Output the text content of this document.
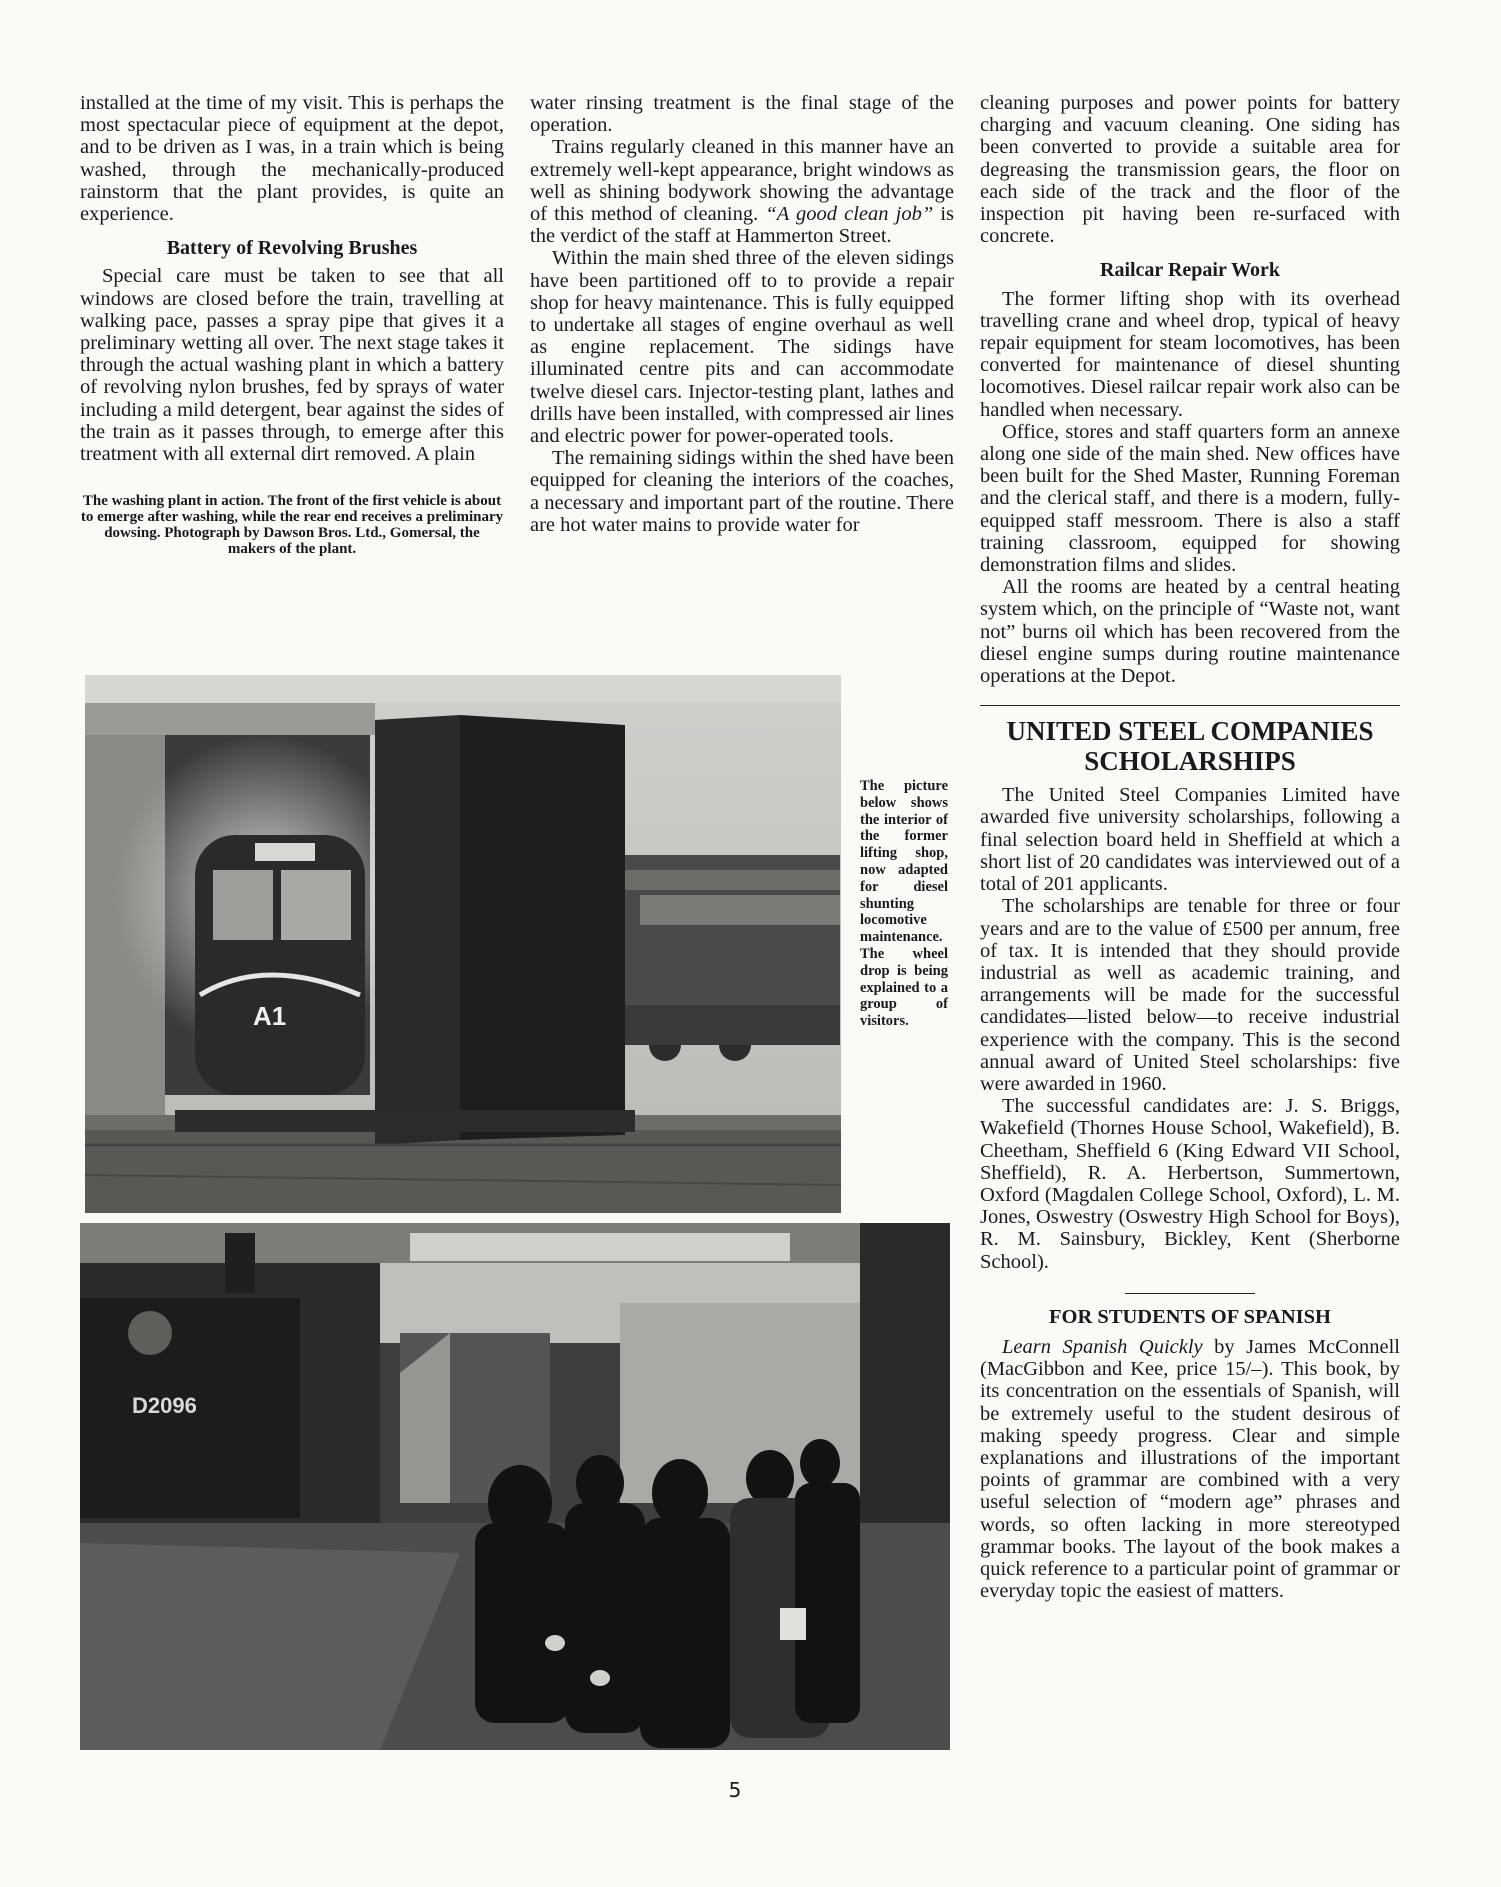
installed at the time of my visit. This is perhaps the most spectacular piece of equipment at the depot, and to be driven as I was, in a train which is being washed, through the mechanically-produced rainstorm that the plant provides, is quite an experience.

Battery of Revolving Brushes

Special care must be taken to see that all windows are closed before the train, travelling at walking pace, passes a spray pipe that gives it a preliminary wetting all over. The next stage takes it through the actual washing plant in which a battery of revolving nylon brushes, fed by sprays of water including a mild detergent, bear against the sides of the train as it passes through, to emerge after this treatment with all external dirt removed. A plain

The washing plant in action. The front of the first vehicle is about to emerge after washing, while the rear end receives a preliminary dowsing. Photograph by Dawson Bros. Ltd., Gomersal, the makers of the plant.

water rinsing treatment is the final stage of the operation.

Trains regularly cleaned in this manner have an extremely well-kept appearance, bright windows as well as shining bodywork showing the advantage of this method of cleaning. “A good clean job” is the verdict of the staff at Hammerton Street.

Within the main shed three of the eleven sidings have been partitioned off to to provide a repair shop for heavy maintenance. This is fully equipped to undertake all stages of engine overhaul as well as engine replacement. The sidings have illuminated centre pits and can accommodate twelve diesel cars. Injector-testing plant, lathes and drills have been installed, with compressed air lines and electric power for power-operated tools.

The remaining sidings within the shed have been equipped for cleaning the interiors of the coaches, a necessary and important part of the routine. There are hot water mains to provide water for

cleaning purposes and power points for battery charging and vacuum cleaning. One siding has been converted to provide a suitable area for degreasing the transmission gears, the floor on each side of the track and the floor of the inspection pit having been re-surfaced with concrete.

Railcar Repair Work

The former lifting shop with its overhead travelling crane and wheel drop, typical of heavy repair equipment for steam locomotives, has been converted for maintenance of diesel shunting locomotives. Diesel railcar repair work also can be handled when necessary.

Office, stores and staff quarters form an annexe along one side of the main shed. New offices have been built for the Shed Master, Running Foreman and the clerical staff, and there is a modern, fully-equipped staff messroom. There is also a staff training classroom, equipped for showing demonstration films and slides.

All the rooms are heated by a central heating system which, on the principle of “Waste not, want not” burns oil which has been recovered from the diesel engine sumps during routine maintenance operations at the Depot.

UNITED STEEL COMPANIES SCHOLARSHIPS

The United Steel Companies Limited have awarded five university scholarships, following a final selection board held in Sheffield at which a short list of 20 candidates was interviewed out of a total of 201 applicants.

The scholarships are tenable for three or four years and are to the value of £500 per annum, free of tax. It is intended that they should provide industrial as well as academic training, and arrangements will be made for the successful candidates—listed below—to receive industrial experience with the company. This is the second annual award of United Steel scholarships: five were awarded in 1960.

The successful candidates are: J. S. Briggs, Wakefield (Thornes House School, Wakefield), B. Cheetham, Sheffield 6 (King Edward VII School, Sheffield), R. A. Herbertson, Summertown, Oxford (Magdalen College School, Oxford), L. M. Jones, Oswestry (Oswestry High School for Boys), R. M. Sainsbury, Bickley, Kent (Sherborne School).

FOR STUDENTS OF SPANISH

Learn Spanish Quickly by James McConnell (MacGibbon and Kee, price 15/–). This book, by its concentration on the essentials of Spanish, will be extremely useful to the student desirous of making speedy progress. Clear and simple explanations and illustrations of the important points of grammar are combined with a very useful selection of “modern age” phrases and words, so often lacking in more stereotyped grammar books. The layout of the book makes a quick reference to a particular point of grammar or everyday topic the easiest of matters.

The picture below shows the interior of the former lifting shop, now adapted for diesel shunting locomotive maintenance. The wheel drop is being explained to a group of visitors.
A1
D2096
5
